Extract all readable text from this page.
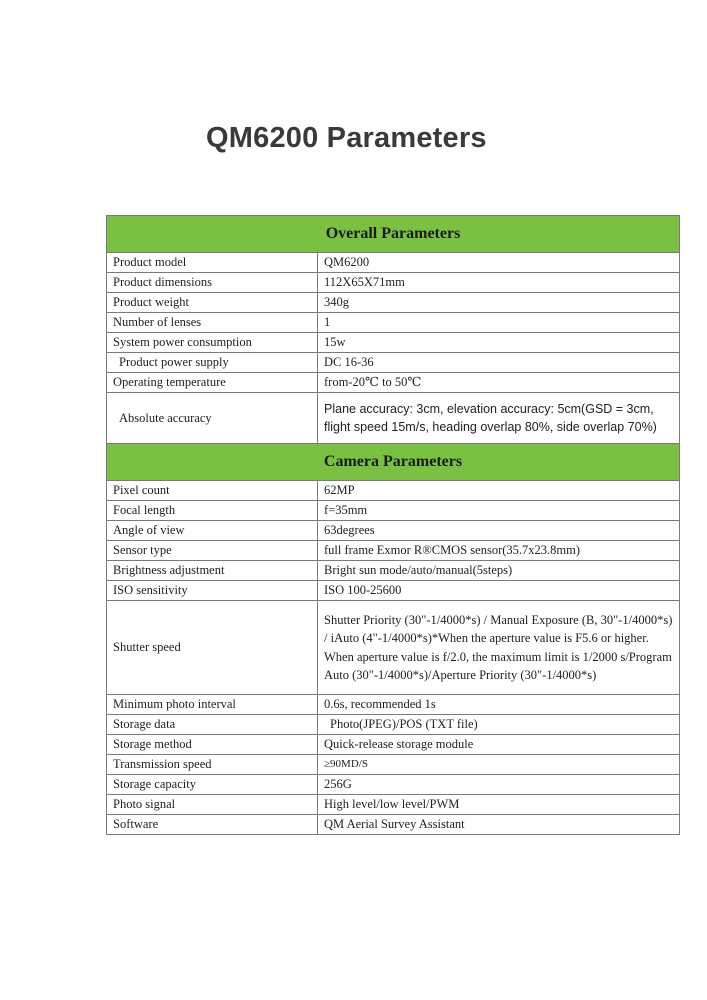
QM6200 Parameters
Overall Parameters	
Product model	QM6200
Product dimensions	112X65X71mm
Product weight	340g
Number of lenses	1
System power consumption	15w
Product power supply	DC 16-36
Operating temperature	from-20℃ to 50℃
Absolute accuracy	Plane accuracy: 3cm, elevation accuracy: 5cm(GSD = 3cm, flight speed 15m/s, heading overlap 80%, side overlap 70%)
Camera Parameters	
Pixel count	62MP
Focal length	f=35mm
Angle of view	63degrees
Sensor type	full frame Exmor R®CMOS sensor(35.7x23.8mm)
Brightness adjustment	Bright sun mode/auto/manual(5steps)
ISO sensitivity	ISO 100-25600
Shutter speed	Shutter Priority (30"-1/4000*s) / Manual Exposure (B, 30"-1/4000*s) / iAuto (4"-1/4000*s)*When the aperture value is F5.6 or higher. When aperture value is f/2.0, the maximum limit is 1/2000 s/Program Auto (30"-1/4000*s)/Aperture Priority (30"-1/4000*s)
Minimum photo interval	0.6s, recommended 1s
Storage data	Photo(JPEG)/POS (TXT file)
Storage method	Quick-release storage module
Transmission speed	≥90MD/S
Storage capacity	256G
Photo signal	High level/low level/PWM
Software	QM Aerial Survey Assistant
